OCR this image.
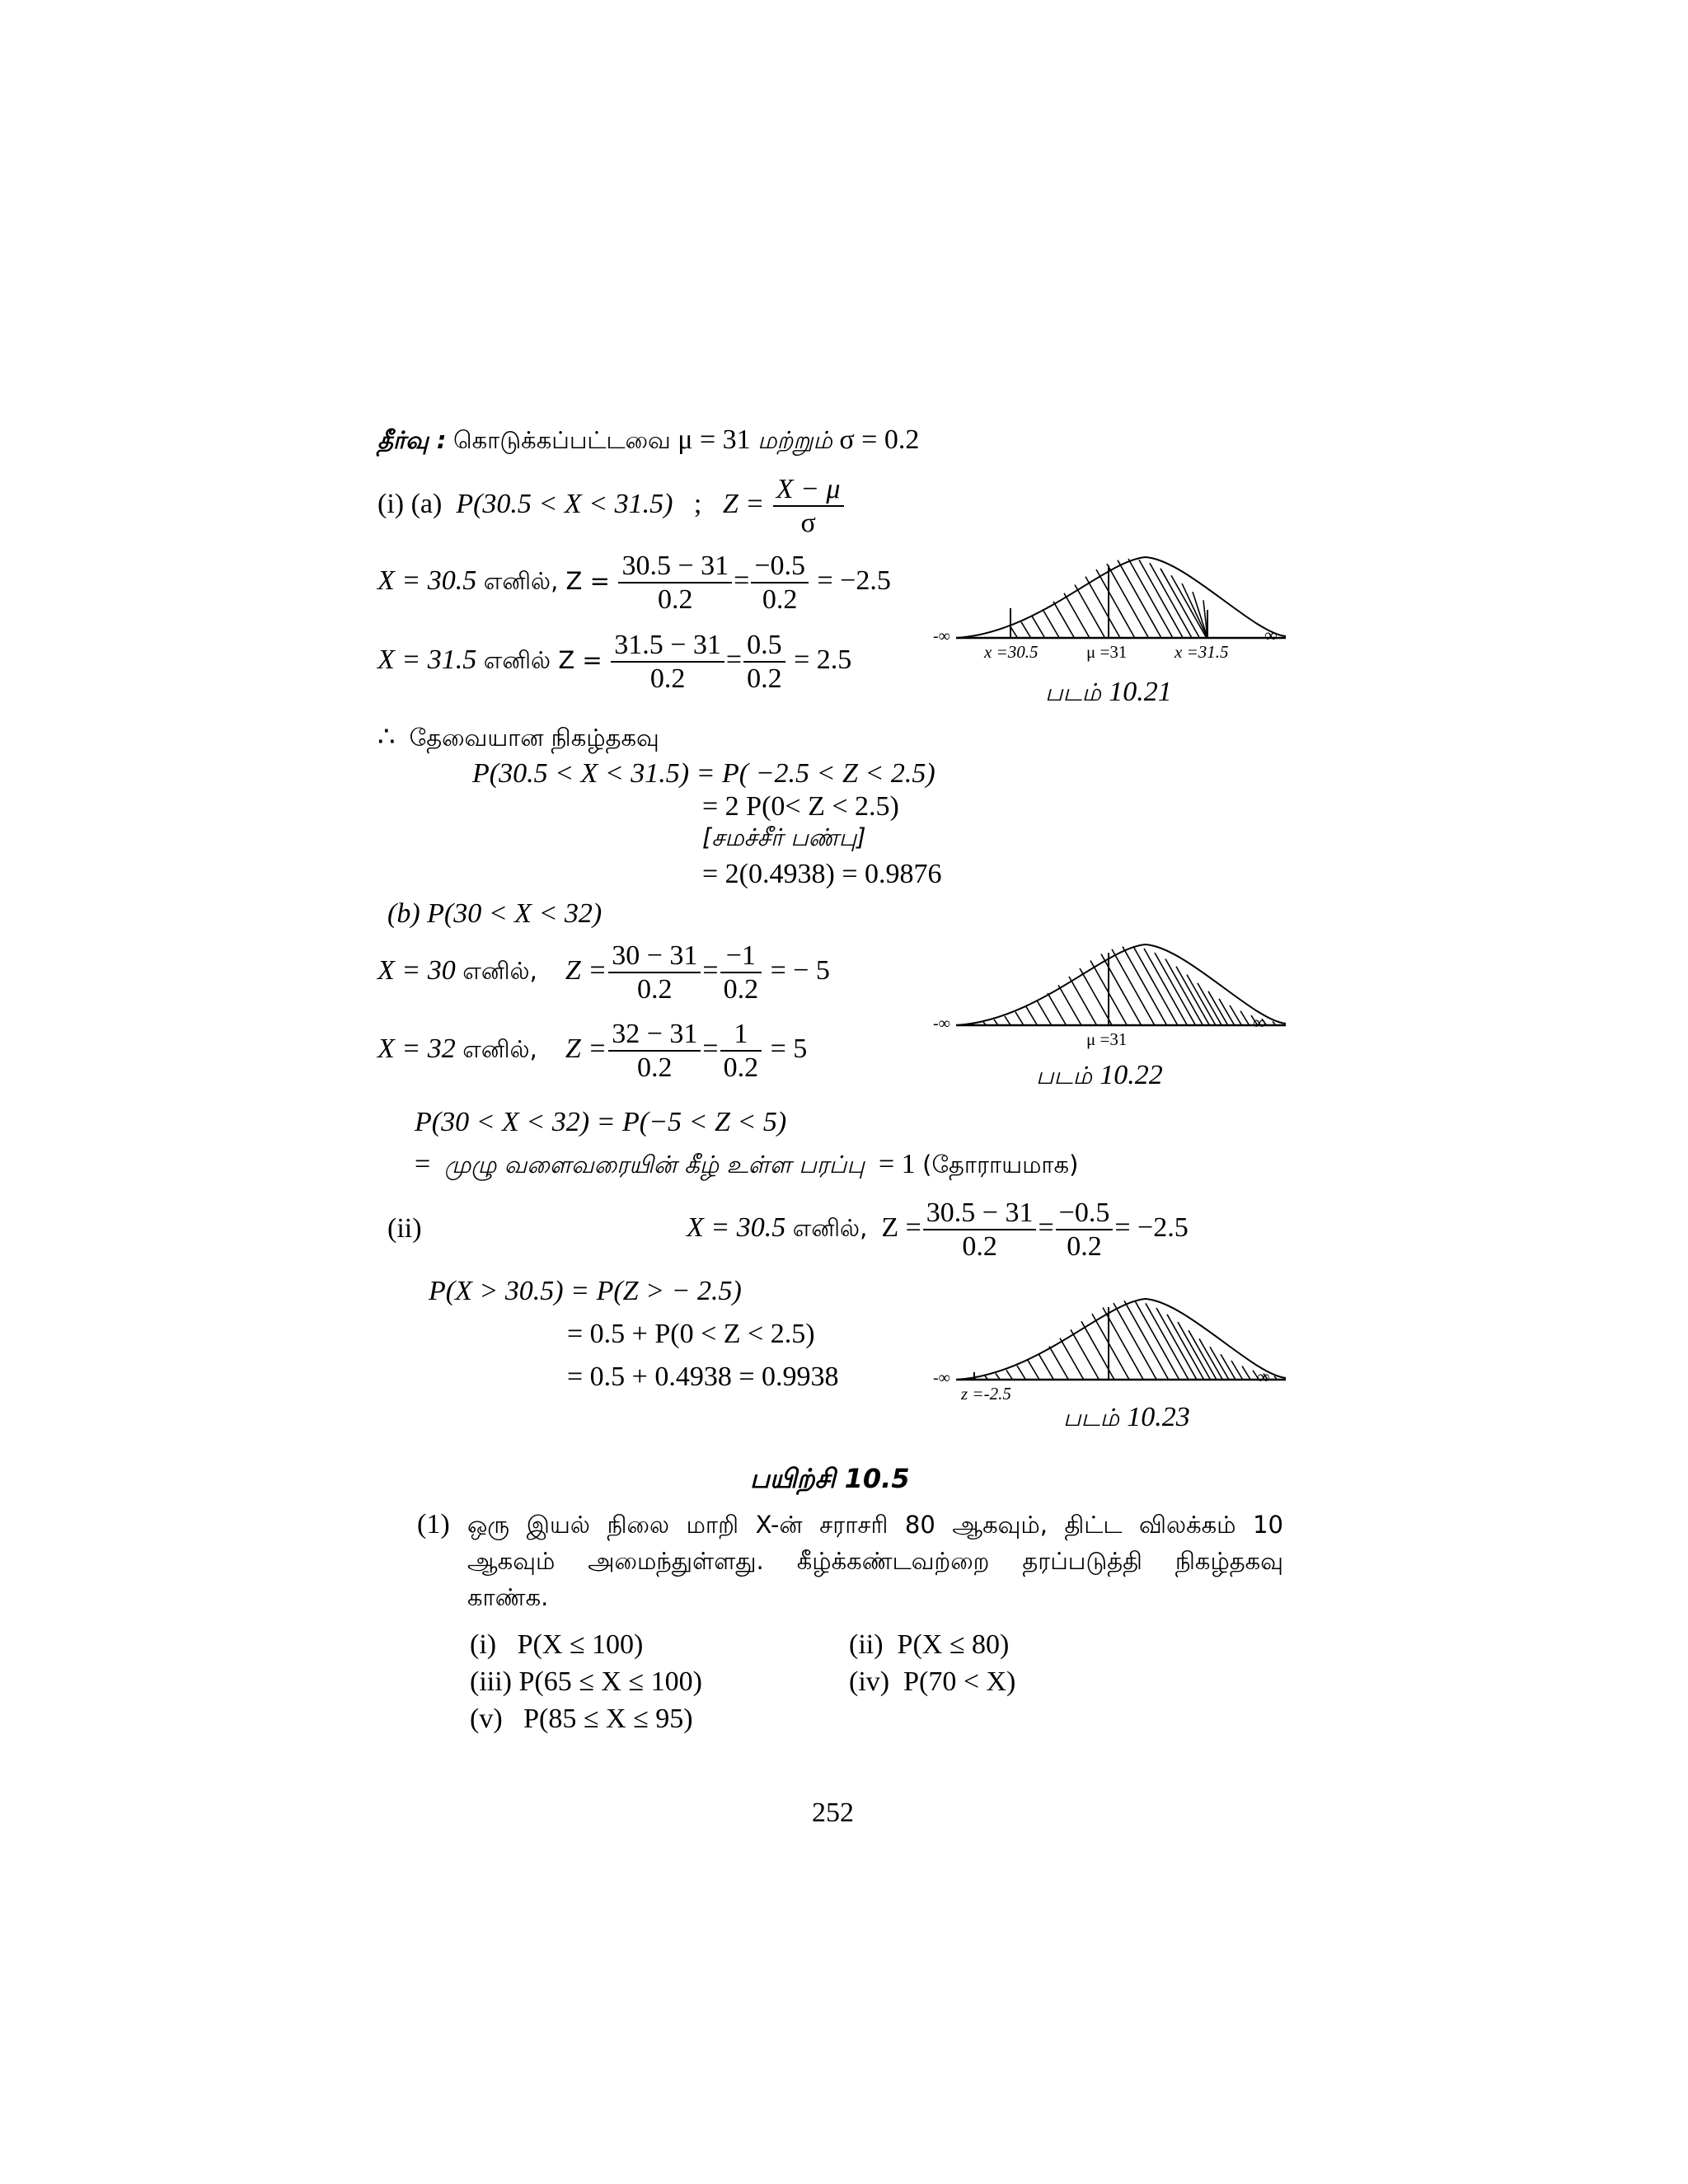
தீர்வு : கொடுக்கப்பட்டவை μ = 31 மற்றும் σ = 0.2
(i) (a) P(30.5 < X < 31.5) ; $Z = \frac{X - \mu}{\sigma}$
X = 30.5 எனில், $Z = \frac{30.5 - 31}{0.2} = \frac{-0.5}{0.2} = -2.5$
X = 31.5 எனில் $Z = \frac{31.5 - 31}{0.2} = \frac{0.5}{0.2} = 2.5$
-∞	∞
x =30.5	μ =31	x =31.5
படம் 10.21
∴ தேவையான நிகழ்தகவு
P(30.5 < X < 31.5) = P( −2.5 < Z < 2.5)
= 2 P(0< Z < 2.5)
[சமச்சீர் பண்பு]
= 2(0.4938) = 0.9876
(b) P(30 < X < 32)
X = 30 எனில், $Z = \frac{30 - 31}{0.2} = \frac{-1}{0.2}$ = − 5
X = 32 எனில், $Z = \frac{32 - 31}{0.2} = \frac{1}{0.2} = 5$
-∞	∞
μ =31
படம் 10.22
P(30 < X < 32) = P(−5 < Z < 5)
= முழு வளைவரையின் கீழ் உள்ள பரப்பு = 1 (தோராயமாக)
(ii)	X = 30.5 எனில், $Z = \frac{30.5 - 31}{0.2} = \frac{-0.5}{0.2} = -2.5$
P(X > 30.5) = P(Z > − 2.5)
= 0.5 + P(0 < Z < 2.5)
= 0.5 + 0.4938 = 0.9938	-∞	∞
z =-2.5
படம் 10.23
பயிற்சி 10.5
(1) ஒரு இயல் நிலை மாறி X-ன் சராசரி 80 ஆகவும், திட்ட விலக்கம் 10
ஆகவும் அமைந்துள்ளது. கீழ்க்கண்டவற்றை தரப்படுத்தி நிகழ்தகவு
காண்க.
(i)   P(X ≤ 100)	(ii)  P(X ≤ 80)
(iii) P(65 ≤ X ≤ 100)	(iv)  P(70 < X)
(v)   P(85 ≤ X ≤ 95)
252
